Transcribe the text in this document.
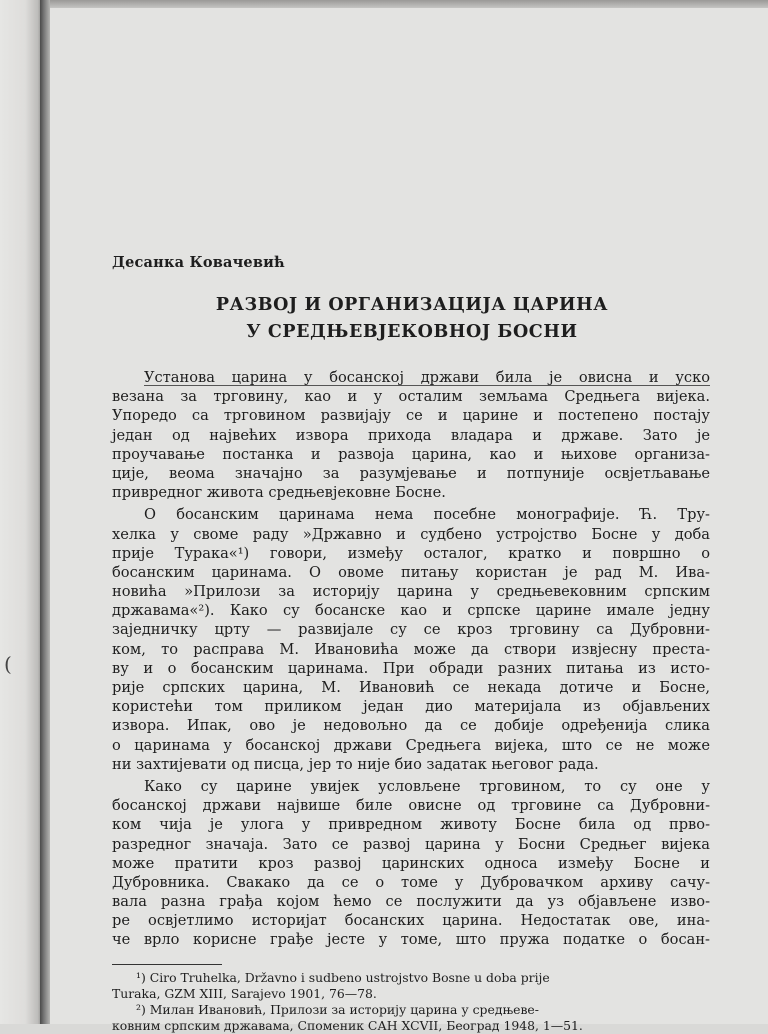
Десанка Ковачевић
РАЗВОЈ И ОРГАНИЗАЦИЈА ЦАРИНА
У СРЕДЊЕВЈЕКОВНОЈ БОСНИ
Установа царина у босанској држави била је овисна и уско
везана за трговину, као и у осталим земљама Средњега вијека.
Упоредо са трговином развијају се и царине и постепено постају
један од највећих извора прихода владара и државе. Зато је
проучавање постанка и развоја царина, као и њихове организа-
ције, веома значајно за разумјевање и потпуније освјетљавање
привредног живота средњевјековне Босне.
О босанским царинама нема посебне монографије. Ћ. Тру-
хелка у своме раду »Државно и судбено устројство Босне у доба
прије Турака«¹) говори, између осталог, кратко и површно о
босанским царинама. О овоме питању користан је рад М. Ива-
новића »Прилози за историју царина у средњевековним српским
државама«²). Како су босанске као и српске царине имале једну
заједничку црту — развијале су се кроз трговину са Дубровни-
ком, то расправа М. Ивановића може да створи извјесну преста-
ву и о босанским царинама. При обради разних питања из исто-
рије српских царина, М. Ивановић се некада дотиче и Босне,
користећи том приликом један дио материјала из објављених
извора. Ипак, ово је недовољно да се добије одређенија слика
о царинама у босанској држави Средњега вијека, што се не може
ни захтијевати од писца, јер то није био задатак његовог рада.
Како су царине увијек условљене трговином, то су оне у
босанској држави највише биле овисне од трговине са Дубровни-
ком чија је улога у привредном животу Босне била од прво-
разредног значаја. Зато се развој царина у Босни Средњег вијека
може пратити кроз развој царинских односа између Босне и
Дубровника. Свакако да се о томе у Дубровачком архиву сачу-
вала разна грађа којом ћемо се послужити да уз објављене изво-
ре освјетлимо историјат босанских царина. Недостатак ове, ина-
че врло корисне грађе јесте у томе, што пружа податке о босан-
¹) Ciro Truhelka, Državno i sudbeno ustrojstvo Bosne u doba prije
Turaka, GZM XIII, Sarajevo 1901, 76—78.
²) Милан Ивановић, Прилози за историју царина у средњеве-
ковним српским државама, Споменик САН XCVII, Београд 1948, 1—51.
(
